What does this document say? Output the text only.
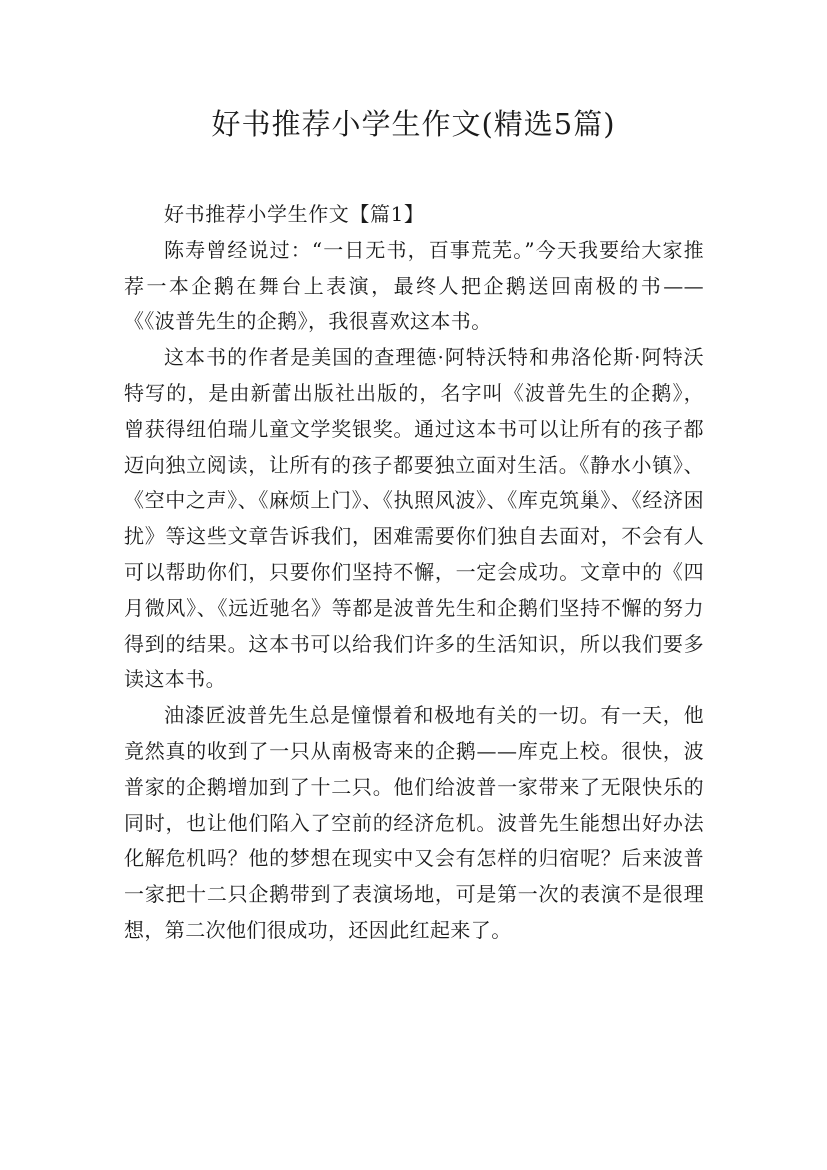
好书推荐小学生作文(精选5篇)

好书推荐小学生作文【篇1】

陈寿曾经说过：“一日无书，百事荒芜。”今天我要给大家推荐一本企鹅在舞台上表演，最终人把企鹅送回南极的书——《《波普先生的企鹅》，我很喜欢这本书。

这本书的作者是美国的查理德·阿特沃特和弗洛伦斯·阿特沃特写的，是由新蕾出版社出版的，名字叫《波普先生的企鹅》，曾获得纽伯瑞儿童文学奖银奖。通过这本书可以让所有的孩子都迈向独立阅读，让所有的孩子都要独立面对生活。《静水小镇》、《空中之声》、《麻烦上门》、《执照风波》、《库克筑巢》、《经济困扰》等这些文章告诉我们，困难需要你们独自去面对，不会有人可以帮助你们，只要你们坚持不懈，一定会成功。文章中的《四月微风》、《远近驰名》等都是波普先生和企鹅们坚持不懈的努力得到的结果。这本书可以给我们许多的生活知识，所以我们要多读这本书。

油漆匠波普先生总是憧憬着和极地有关的一切。有一天，他竟然真的收到了一只从南极寄来的企鹅——库克上校。很快，波普家的企鹅增加到了十二只。他们给波普一家带来了无限快乐的同时，也让他们陷入了空前的经济危机。波普先生能想出好办法化解危机吗？他的梦想在现实中又会有怎样的归宿呢？后来波普一家把十二只企鹅带到了表演场地，可是第一次的表演不是很理想，第二次他们很成功，还因此红起来了。
